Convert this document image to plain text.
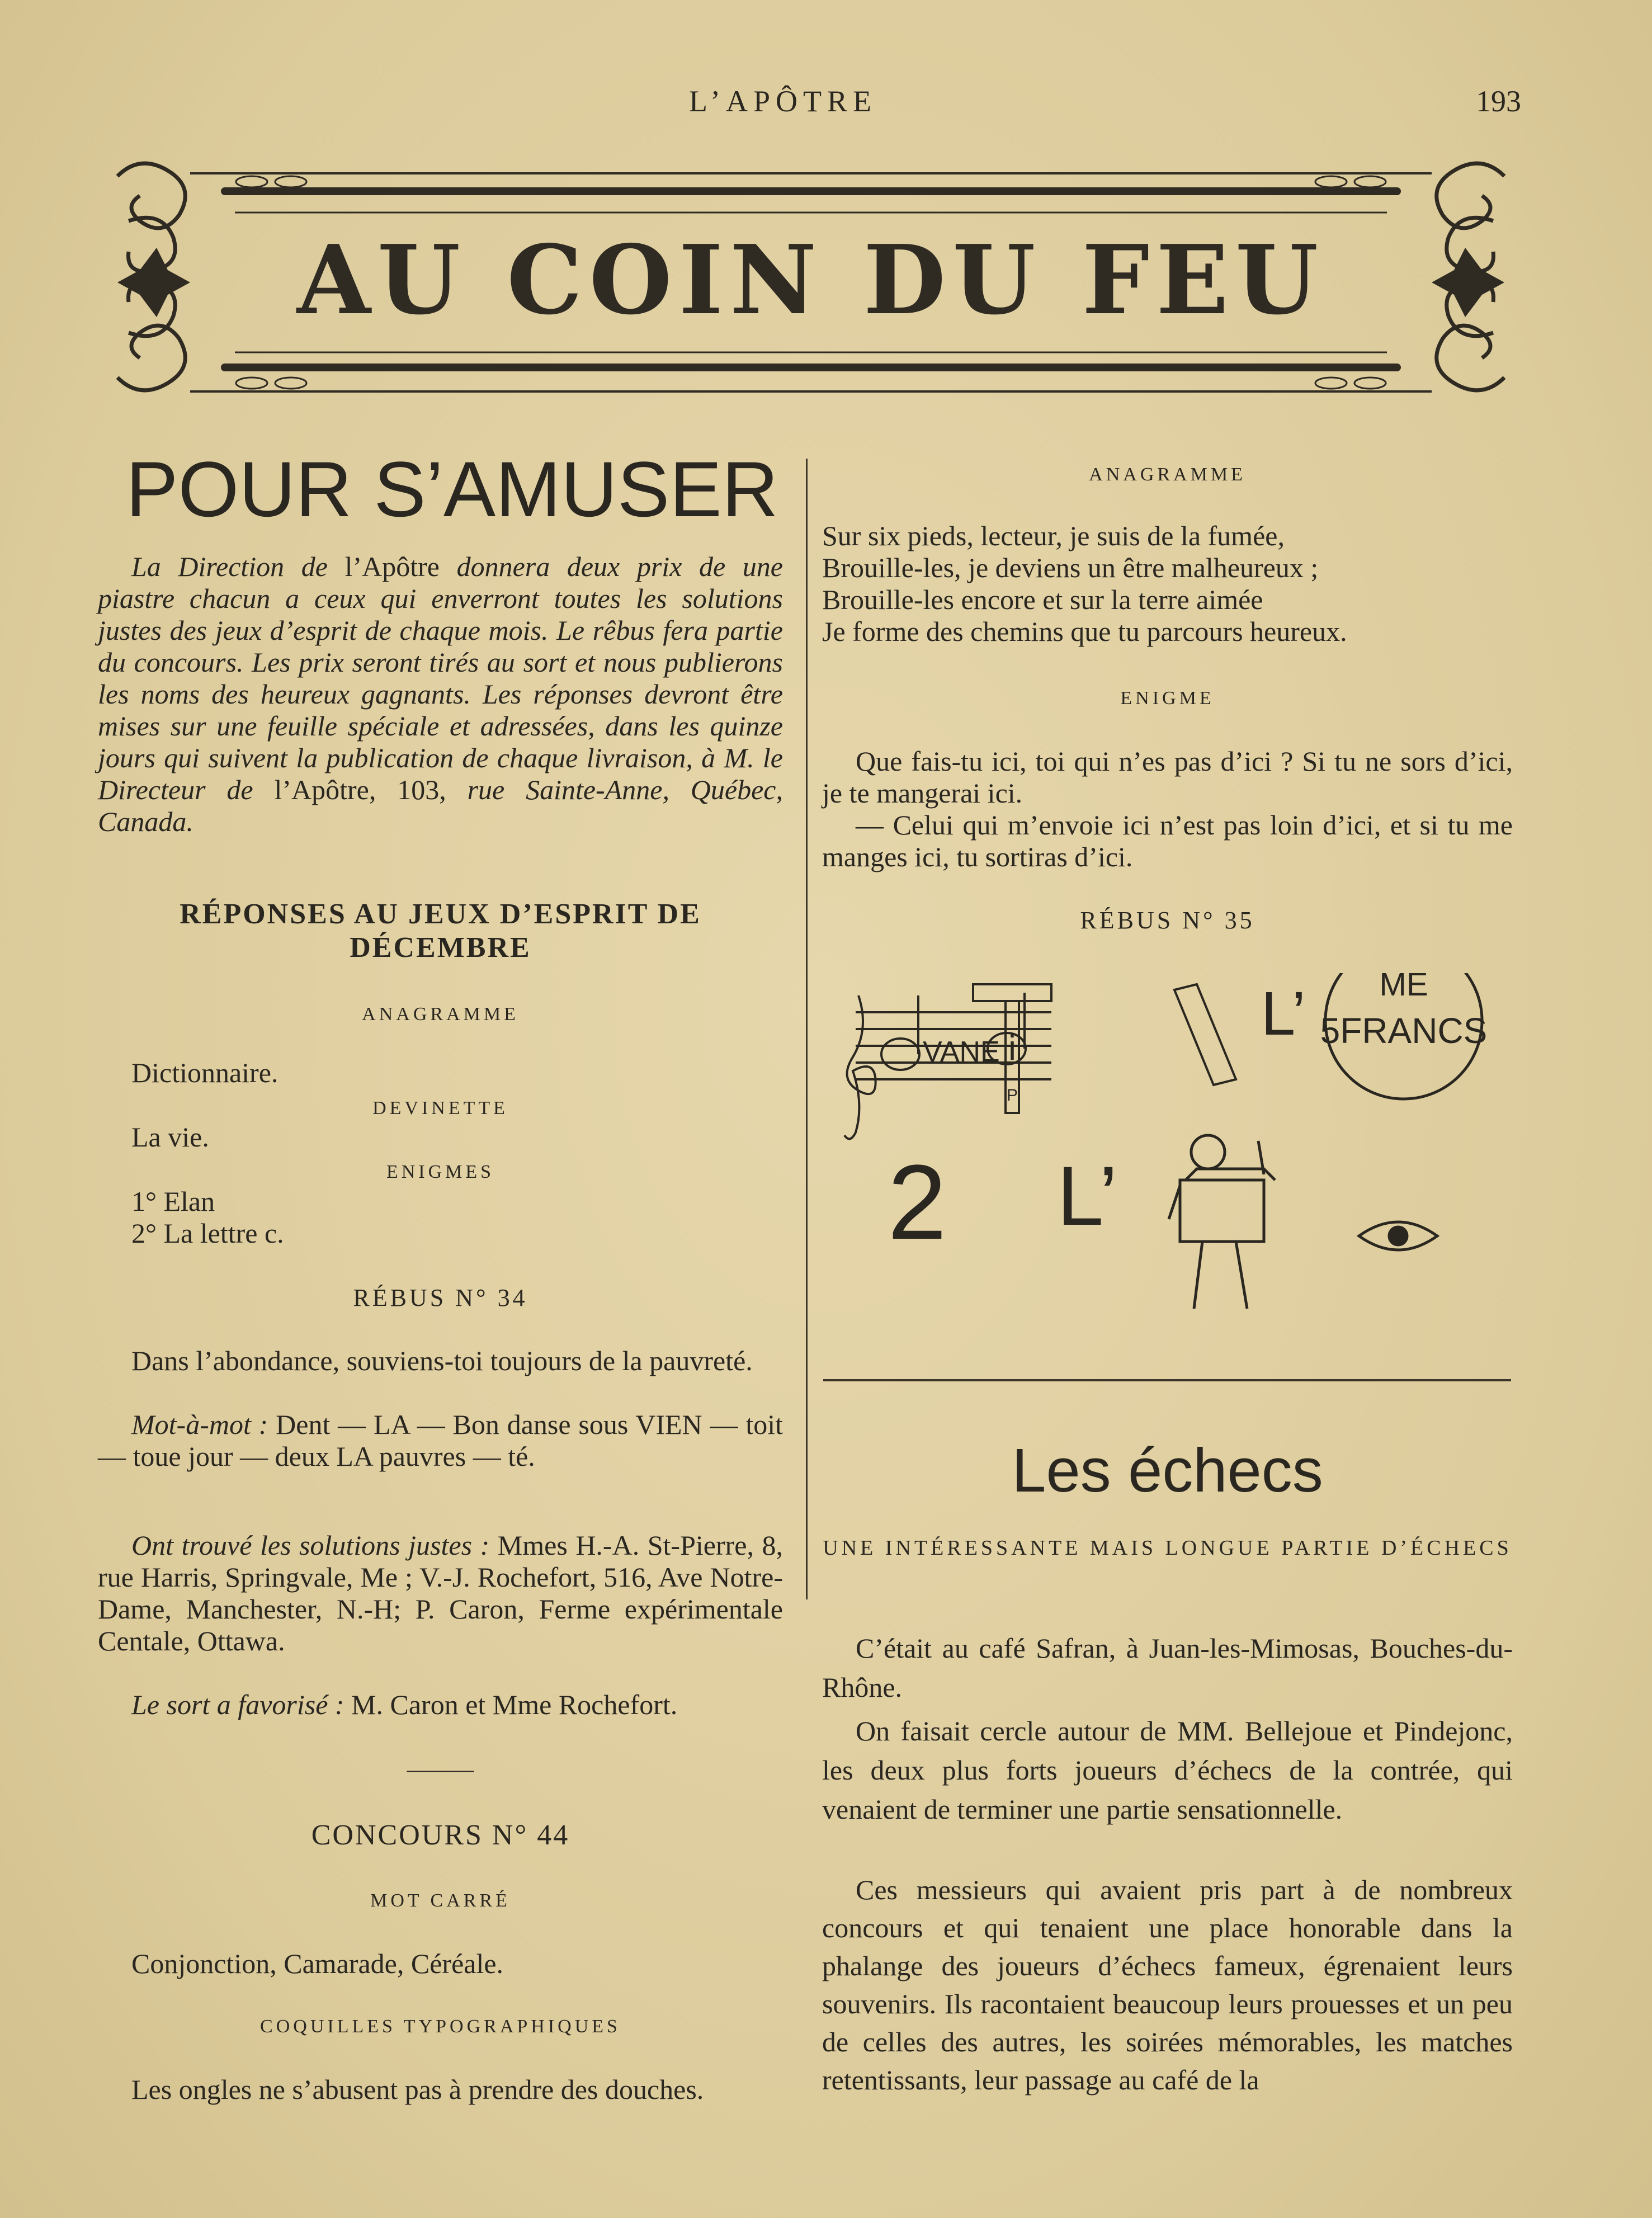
L’APÔTRE	193
AU COIN DU FEU
POUR S’AMUSER

La Direction de l’Apôtre donnera deux prix de une piastre chacun a ceux qui enverront toutes les solutions justes des jeux d’esprit de chaque mois. Le rêbus fera partie du concours. Les prix seront tirés au sort et nous publierons les noms des heureux gagnants. Les réponses devront être mises sur une feuille spéciale et adressées, dans les quinze jours qui suivent la publication de chaque livraison, à M. le Directeur de l’Apôtre, 103, rue Sainte-Anne, Québec, Canada.

RÉPONSES AU JEUX D’ESPRIT DE DÉCEMBRE
ANAGRAMME
Dictionnaire.
DEVINETTE
La vie.
ENIGMES
1° Elan
2° La lettre c.
RÉBUS N° 34

Dans l’abondance, souviens-toi toujours de la pauvreté.

Mot-à-mot : Dent — LA — Bon danse sous VIEN — toit — toue jour — deux LA pauvres — té.

Ont trouvé les solutions justes : Mmes H.-A. St-Pierre, 8, rue Harris, Springvale, Me ; V.-J. Rochefort, 516, Ave Notre-Dame, Manchester, N.-H; P. Caron, Ferme expérimentale Centale, Ottawa.

Le sort a favorisé : M. Caron et Mme Rochefort.

———
CONCOURS N° 44
MOT CARRÉ
Conjonction, Camarade, Céréale.
COQUILLES TYPOGRAPHIQUES

Les ongles ne s’abusent pas à prendre des douches.

ANAGRAMME
Sur six pieds, lecteur, je suis de la fumée,
Brouille-les, je deviens un être malheureux ;
Brouille-les encore et sur la terre aimée
Je forme des chemins que tu parcours heureux.
ENIGME

Que fais-tu ici, toi qui n’es pas d’ici ? Si tu ne sors d’ici, je te mangerai ici.

— Celui qui m’envoie ici n’est pas loin d’ici, et si tu me manges ici, tu sortiras d’ici.

RÉBUS N° 35
VANE i
P
L’ ME
5FRANCS
2 L’
Les échecs
UNE INTÉRESSANTE MAIS LONGUE PARTIE D’ÉCHECS

C’était au café Safran, à Juan-les-Mimosas, Bouches-du-Rhône.

On faisait cercle autour de MM. Bellejoue et Pindejonc, les deux plus forts joueurs d’échecs de la contrée, qui venaient de terminer une partie sensationnelle.

Ces messieurs qui avaient pris part à de nombreux concours et qui tenaient une place honorable dans la phalange des joueurs d’échecs fameux, égrenaient leurs souvenirs. Ils racontaient beaucoup leurs prouesses et un peu de celles des autres, les soirées mémorables, les matches retentissants, leur passage au café de la
